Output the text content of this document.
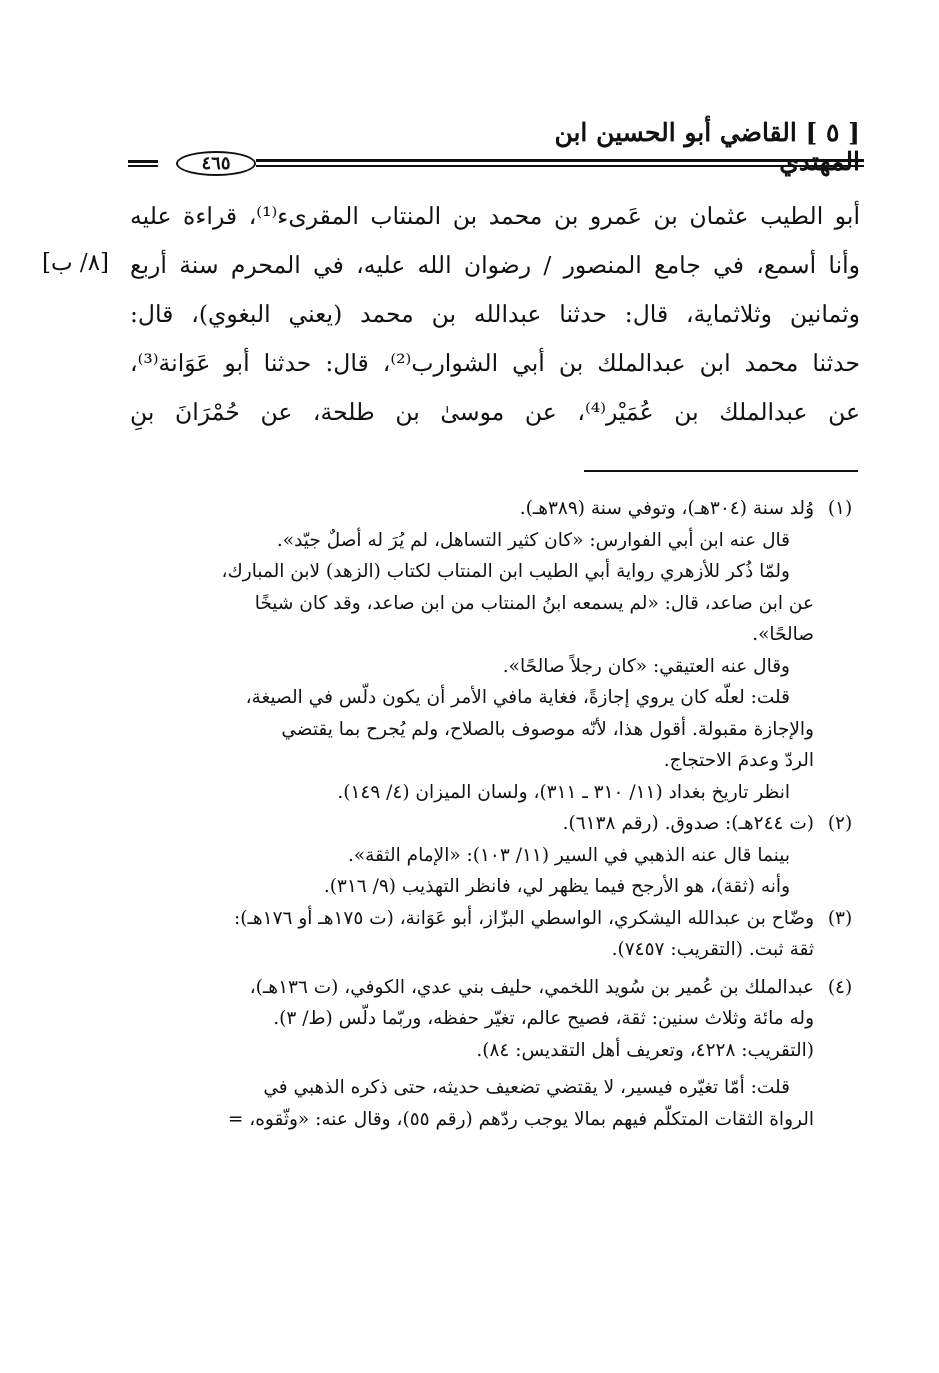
[ ٥ ] القاضي أبو الحسين ابن المهتدي
٤٦٥
[٨/ ب]
أبو الطيب عثمان بن عَمرو بن محمد بن المنتاب المقرىء⁽¹⁾، قراءة عليه
وأنا أسمع، في جامع المنصور / رضوان الله عليه، في المحرم سنة أربع
وثمانين وثلاثماية، قال: حدثنا عبدالله بن محمد (يعني البغوي)، قال:
حدثنا محمد ابن عبدالملك بن أبي الشوارب⁽²⁾، قال: حدثنا أبو عَوَانة⁽³⁾،
عن عبدالملك بن عُمَيْر⁽⁴⁾، عن موسىٰ بن طلحة، عن حُمْرَانَ بنِ
(١)
وُلد سنة (٣٠٤هـ)، وتوفي سنة (٣٨٩هـ).
قال عنه ابن أبي الفوارس: «كان كثير التساهل، لم يُرَ له أصلٌ جيّد».
ولمّا ذُكر للأزهري رواية أبي الطيب ابن المنتاب لكتاب (الزهد) لابن المبارك،
عن ابن صاعد، قال: «لم يسمعه ابنُ المنتاب من ابن صاعد، وقد كان شيخًا
صالحًا».
وقال عنه العتيقي: «كان رجلاً صالحًا».
قلت: لعلّه كان يروي إجازةً، فغاية مافي الأمر أن يكون دلّس في الصيغة،
والإجازة مقبولة. أقول هذا، لأنّه موصوف بالصلاح، ولم يُجرح بما يقتضي
الردّ وعدمَ الاحتجاج.
انظر تاريخ بغداد (١١/ ٣١٠ ـ ٣١١)، ولسان الميزان (٤/ ١٤٩).
(٢)
(ت ٢٤٤هـ): صدوق. (رقم ٦١٣٨).
بينما قال عنه الذهبي في السير (١١/ ١٠٣): «الإمام الثقة».
وأنه (ثقة)، هو الأرجح فيما يظهر لي، فانظر التهذيب (٩/ ٣١٦).
(٣)
وضّاح بن عبدالله اليشكري، الواسطي البزّاز، أبو عَوَانة، (ت ١٧٥هـ أو ١٧٦هـ):
ثقة ثبت. (التقريب: ٧٤٥٧).
(٤)
عبدالملك بن عُمير بن سُويد اللخمي، حليف بني عدي، الكوفي، (ت ١٣٦هـ)،
وله مائة وثلاث سنين: ثقة، فصيح عالم، تغيّر حفظه، وربّما دلّس (ط/ ٣).
(التقريب: ٤٢٢٨، وتعريف أهل التقديس: ٨٤).
قلت: أمّا تغيّره فيسير، لا يقتضي تضعيف حديثه، حتى ذكره الذهبي في
الرواة الثقات المتكلّم فيهم بمالا يوجب ردّهم (رقم ٥٥)، وقال عنه: «وثّقوه، =
